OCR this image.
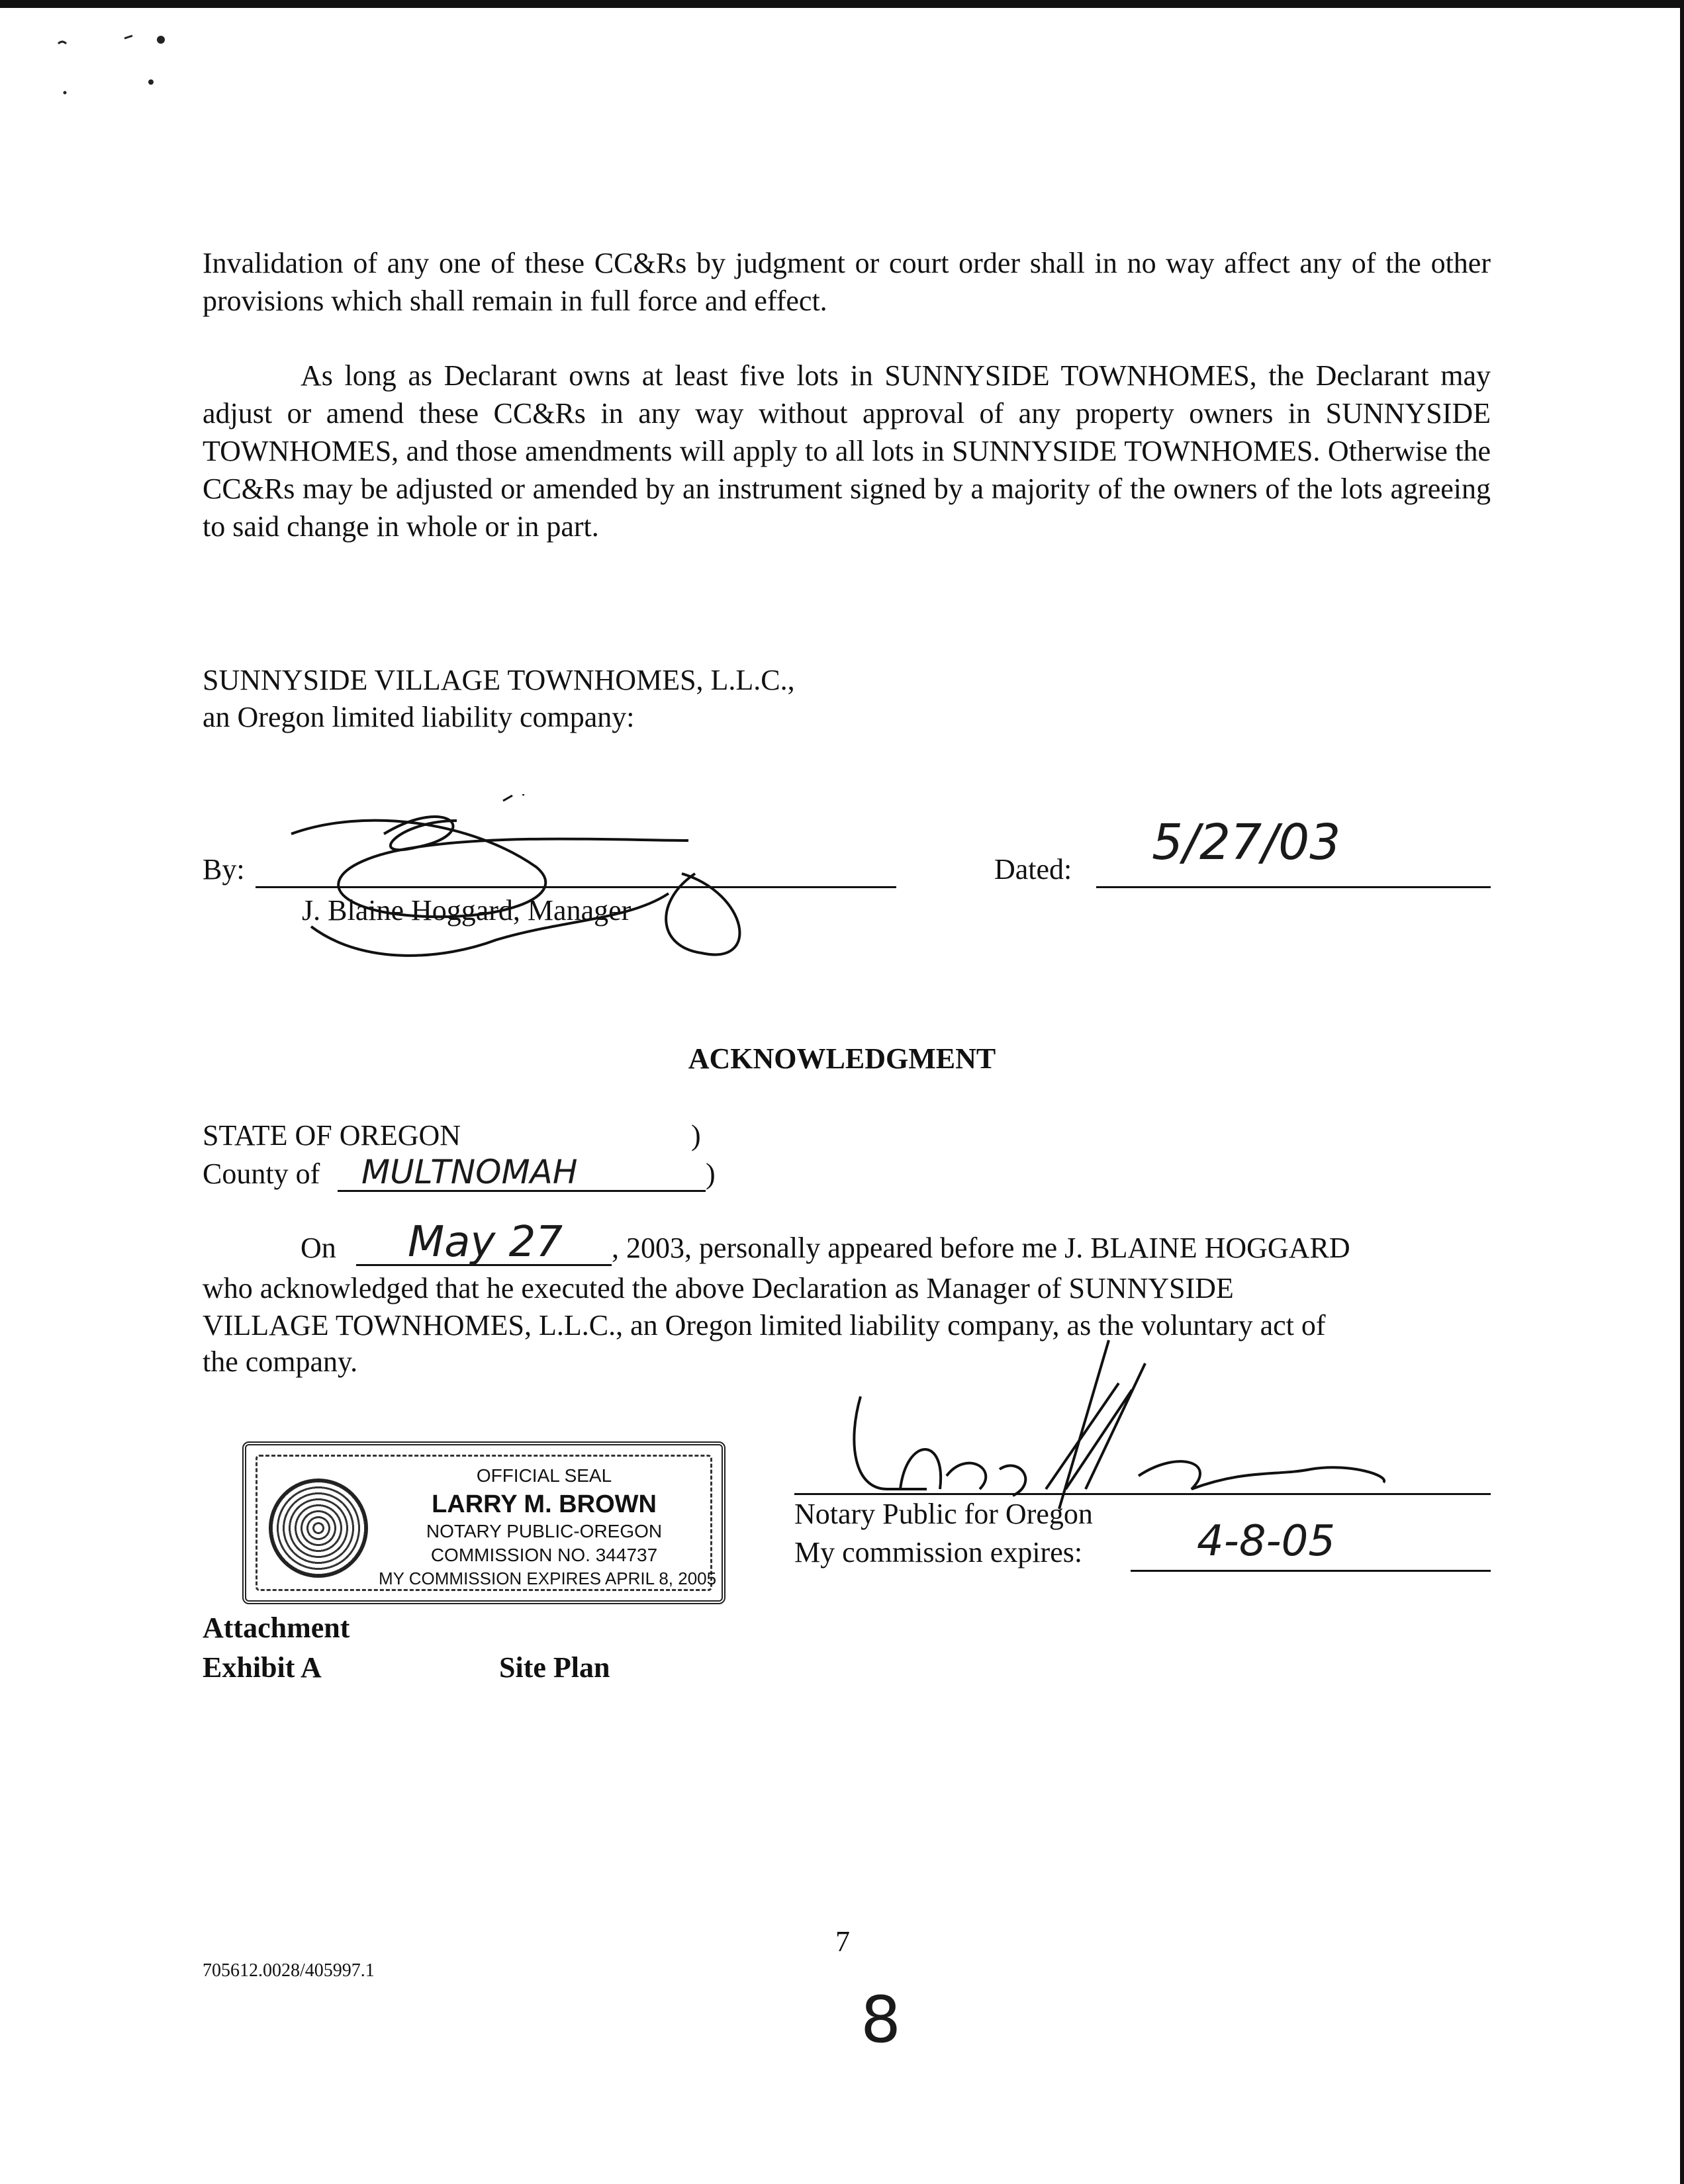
Invalidation of any one of these CC&Rs by judgment or court order shall in no way affect any of the other provisions which shall remain in full force and effect.

As long as Declarant owns at least five lots in SUNNYSIDE TOWNHOMES, the Declarant may adjust or amend these CC&Rs in any way without approval of any property owners in SUNNYSIDE TOWNHOMES, and those amendments will apply to all lots in SUNNYSIDE TOWNHOMES. Otherwise the CC&Rs may be adjusted or amended by an instrument signed by a majority of the owners of the lots agreeing to said change in whole or in part.

SUNNYSIDE VILLAGE TOWNHOMES, L.L.C.,
an Oregon limited liability company:
By:
J. Blaine Hoggard, Manager
Dated: 5/27/03
ACKNOWLEDGMENT
STATE OF OREGON	)
County of MULTNOMAH	)
On May 27 , 2003, personally appeared before me J. BLAINE HOGGARD

who acknowledged that he executed the above Declaration as Manager of SUNNYSIDE

VILLAGE TOWNHOMES, L.L.C., an Oregon limited liability company, as the voluntary act of

the company.
Notary Public for Oregon
My commission expires:	4-8-05
OFFICIAL SEAL
LARRY M. BROWN
NOTARY PUBLIC-OREGON
COMMISSION NO. 344737
MY COMMISSION EXPIRES APRIL 8, 2005
Attachment
Exhibit A	Site Plan
7
705612.0028/405997.1
8
